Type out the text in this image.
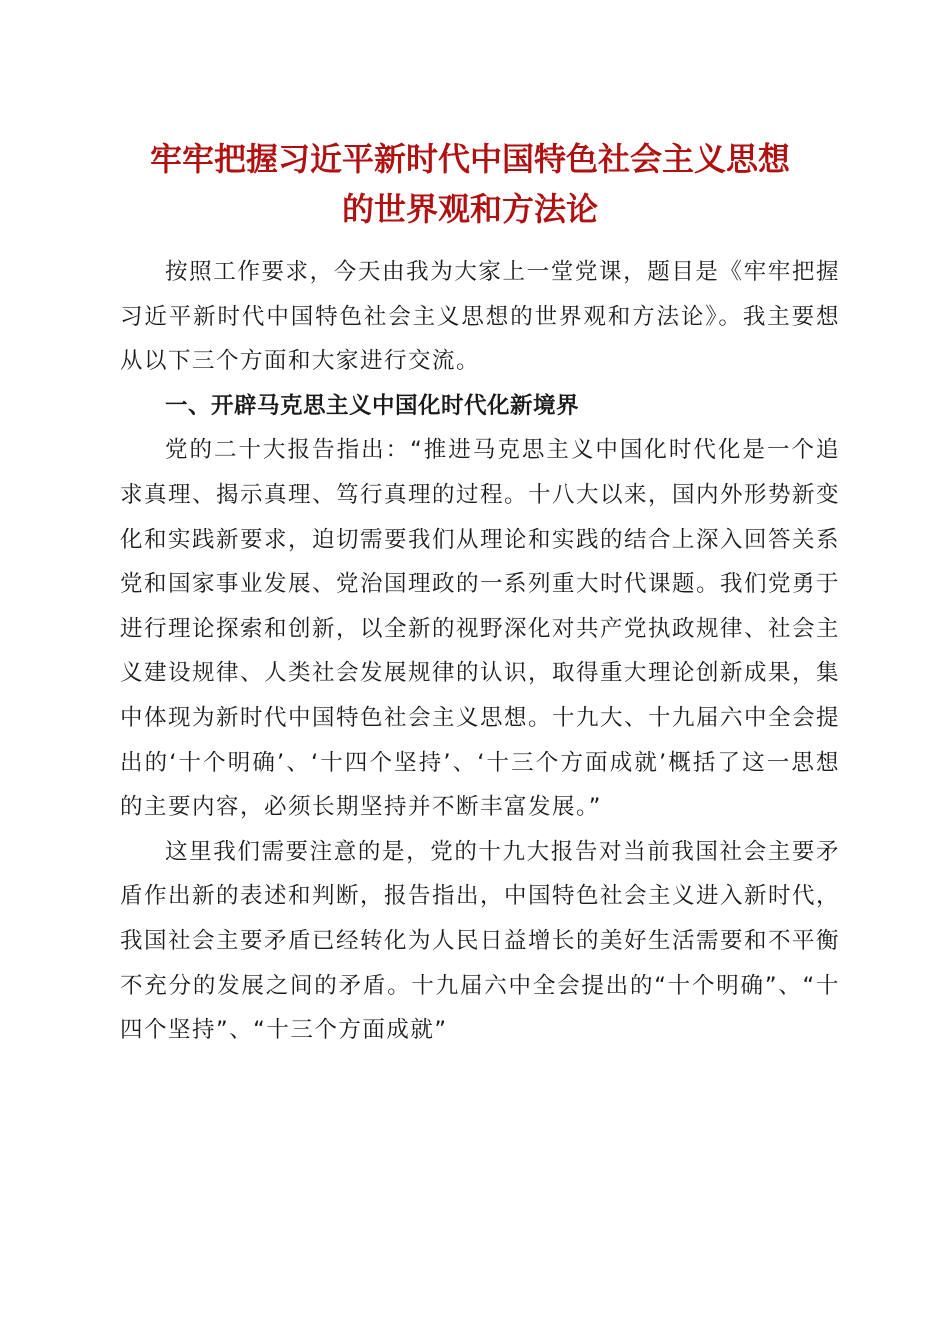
牢牢把握习近平新时代中国特色社会主义思想
的世界观和方法论

按照工作要求，今天由我为大家上一堂党课，题目是《牢牢把握习近平新时代中国特色社会主义思想的世界观和方法论》。我主要想从以下三个方面和大家进行交流。

一、开辟马克思主义中国化时代化新境界

党的二十大报告指出：“推进马克思主义中国化时代化是一个追求真理、揭示真理、笃行真理的过程。十八大以来，国内外形势新变化和实践新要求，迫切需要我们从理论和实践的结合上深入回答关系党和国家事业发展、党治国理政的一系列重大时代课题。我们党勇于进行理论探索和创新，以全新的视野深化对共产党执政规律、社会主义建设规律、人类社会发展规律的认识，取得重大理论创新成果，集中体现为新时代中国特色社会主义思想。十九大、十九届六中全会提出的‘十个明确’、‘十四个坚持’、‘十三个方面成就’概括了这一思想的主要内容，必须长期坚持并不断丰富发展。”

这里我们需要注意的是，党的十九大报告对当前我国社会主要矛盾作出新的表述和判断，报告指出，中国特色社会主义进入新时代，我国社会主要矛盾已经转化为人民日益增长的美好生活需要和不平衡不充分的发展之间的矛盾。十九届六中全会提出的“十个明确”、“十四个坚持”、“十三个方面成就”
